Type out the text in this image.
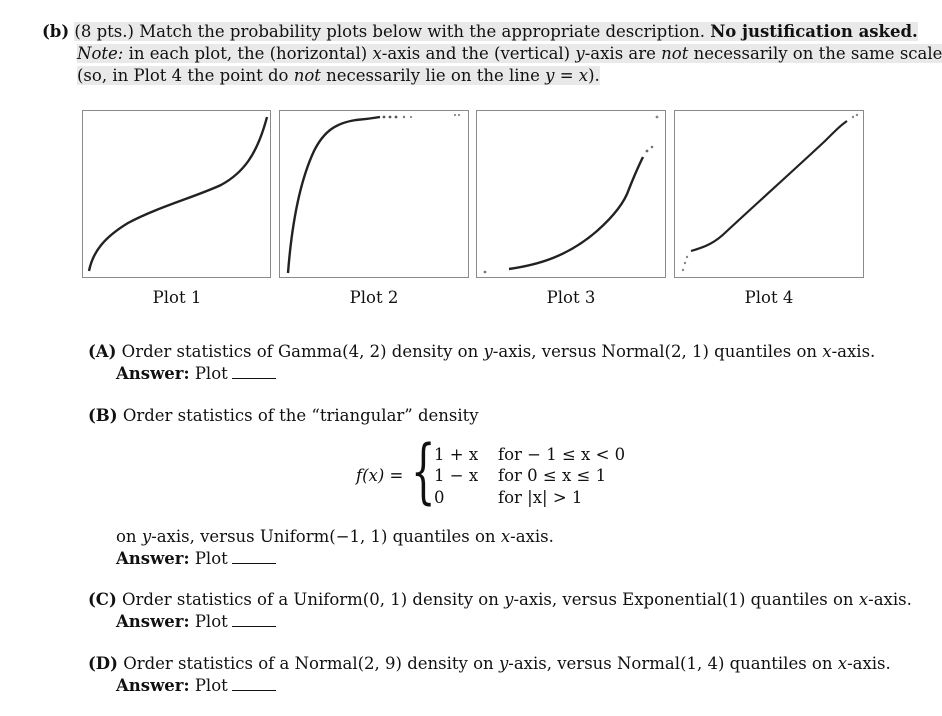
(b) (8 pts.) Match the probability plots below with the appropriate description. No justification asked.
Note: in each plot, the (horizontal) x-axis and the (vertical) y-axis are not necessarily on the same scale
(so, in Plot 4 the point do not necessarily lie on the line y = x).
Plot 1	Plot 2	Plot 3	Plot 4
(A) Order statistics of Gamma(4, 2) density on y-axis, versus Normal(2, 1) quantiles on x-axis.
Answer: Plot
(B) Order statistics of the “triangular” density
f(x) = {
1 + x for − 1 ≤ x < 0
1 − x for 0 ≤ x ≤ 1
0	for |x| > 1
on y-axis, versus Uniform(−1, 1) quantiles on x-axis.
Answer: Plot
(C) Order statistics of a Uniform(0, 1) density on y-axis, versus Exponential(1) quantiles on x-axis.
Answer: Plot
(D) Order statistics of a Normal(2, 9) density on y-axis, versus Normal(1, 4) quantiles on x-axis.
Answer: Plot
